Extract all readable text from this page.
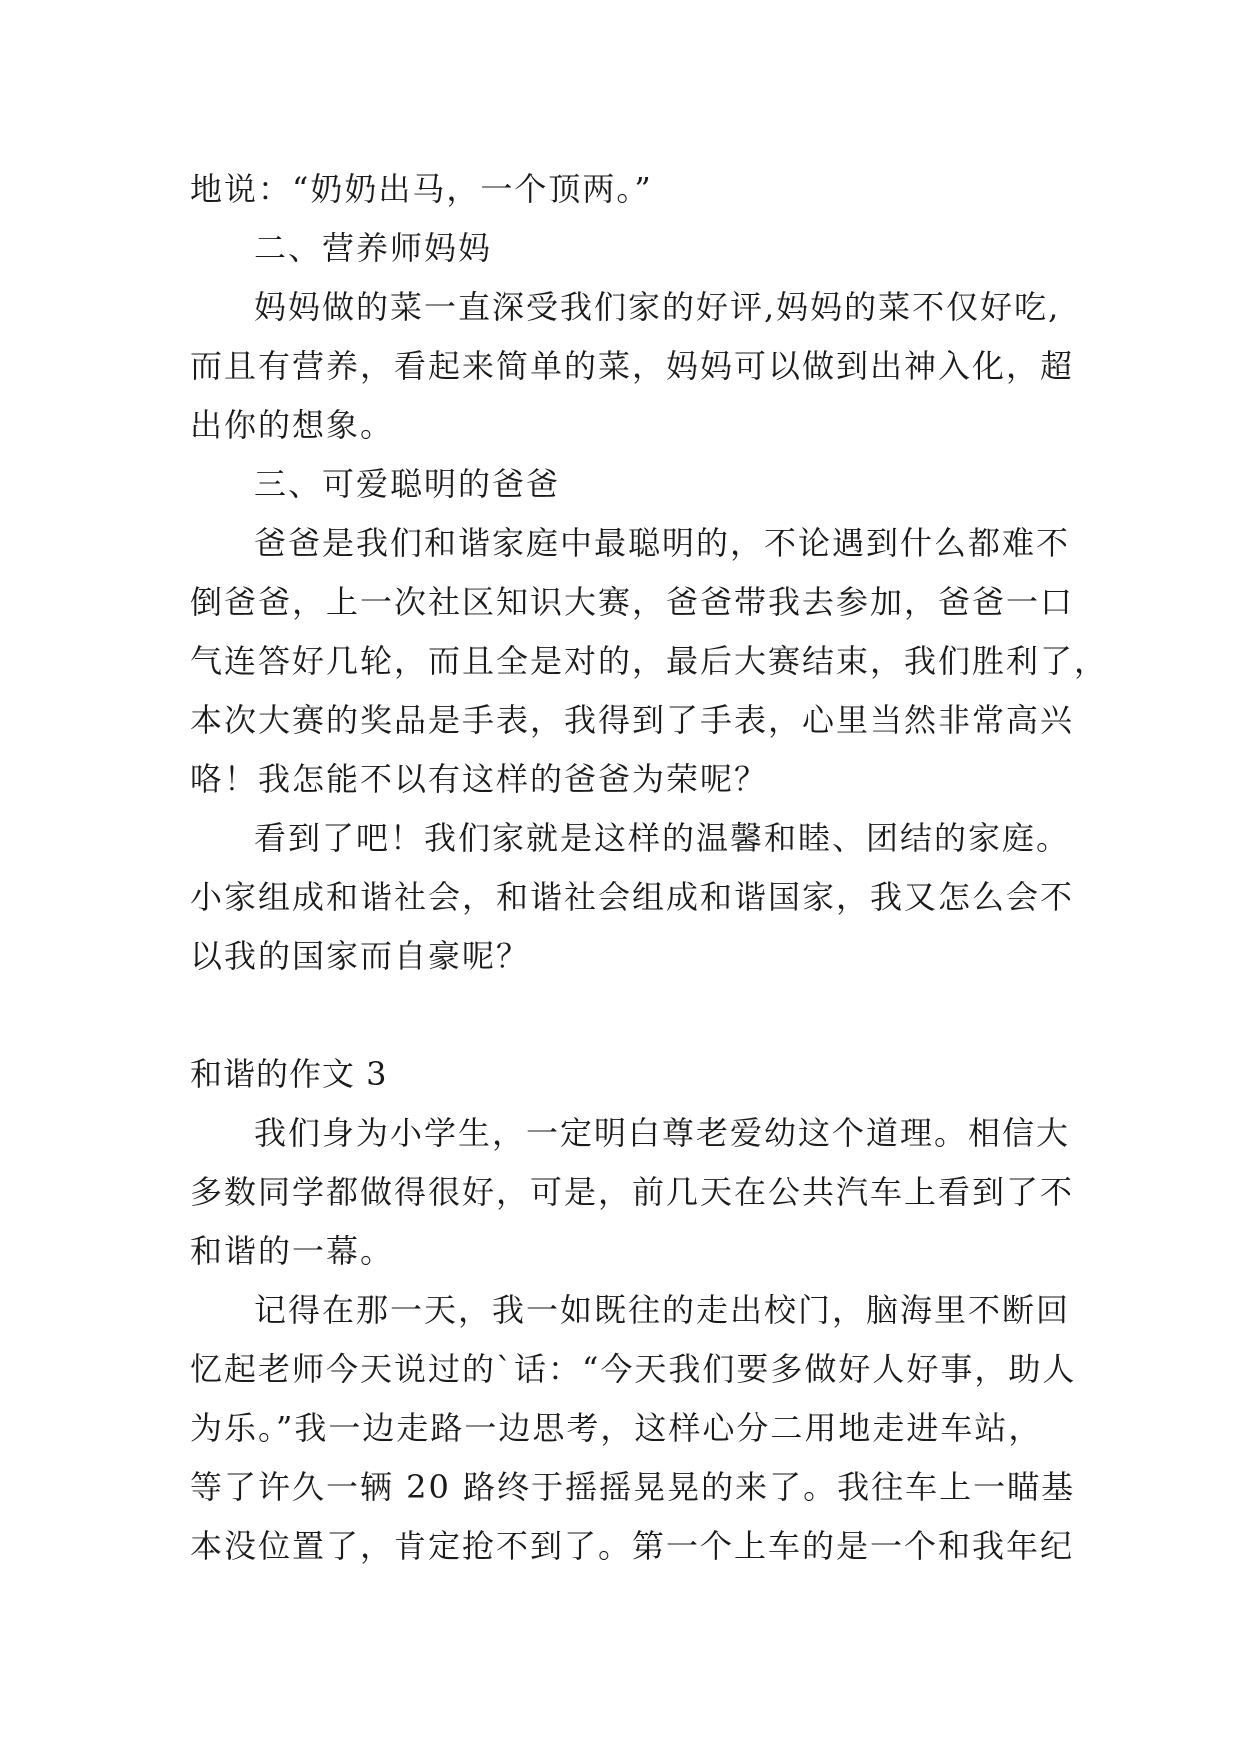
地说：“奶奶出马，一个顶两。”
二、营养师妈妈
妈妈做的菜一直深受我们家的好评,妈妈的菜不仅好吃,
而且有营养，看起来简单的菜，妈妈可以做到出神入化，超
出你的想象。
三、可爱聪明的爸爸
爸爸是我们和谐家庭中最聪明的，不论遇到什么都难不
倒爸爸，上一次社区知识大赛，爸爸带我去参加，爸爸一口
气连答好几轮，而且全是对的，最后大赛结束，我们胜利了，
本次大赛的奖品是手表，我得到了手表，心里当然非常高兴
咯！我怎能不以有这样的爸爸为荣呢？
看到了吧！我们家就是这样的温馨和睦、团结的家庭。
小家组成和谐社会，和谐社会组成和谐国家，我又怎么会不
以我的国家而自豪呢？
和谐的作文 3
我们身为小学生，一定明白尊老爱幼这个道理。相信大
多数同学都做得很好，可是，前几天在公共汽车上看到了不
和谐的一幕。
记得在那一天，我一如既往的走出校门，脑海里不断回
忆起老师今天说过的`话：“今天我们要多做好人好事，助人
为乐。”我一边走路一边思考，这样心分二用地走进车站，
等了许久一辆 20 路终于摇摇晃晃的来了。我往车上一瞄基
本没位置了，肯定抢不到了。第一个上车的是一个和我年纪
